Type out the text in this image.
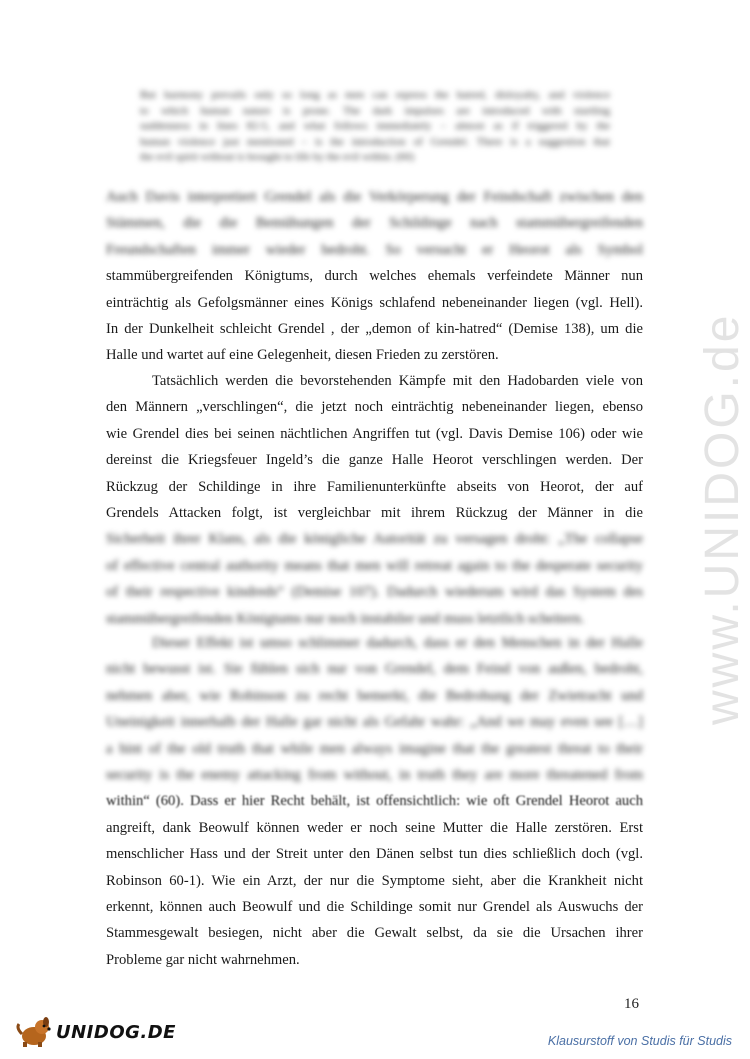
www.UNIDOG.de
But harmony prevails only so long as men can repress the hatred, disloyalty, and violence
to which human nature is prone. The dark impulses are introduced with startling
suddenness in lines 82-5, and what follows immediately – almost as if triggered by the
human violence just mentioned – is the introduction of Grendel. There is a suggestion that
the evil spirit without is brought to life by the evil within. (60)
Auch Davis interpretiert Grendel als die Verkörperung der Feindschaft zwischen den
Stämmen, die die Bemühungen der Schildinge nach stammübergreifenden
Freundschaften immer wieder bedroht. So versucht er Heorot als Symbol
stammübergreifenden Königtums, durch welches ehemals verfeindete Männer nun
einträchtig als Gefolgsmänner eines Königs schlafend nebeneinander liegen (vgl. Hell).
In der Dunkelheit schleicht Grendel , der „demon of kin-hatred“ (Demise 138), um die
Halle und wartet auf eine Gelegenheit, diesen Frieden zu zerstören.
Tatsächlich werden die bevorstehenden Kämpfe mit den Hadobarden viele von
den Männern „verschlingen“, die jetzt noch einträchtig nebeneinander liegen, ebenso
wie Grendel dies bei seinen nächtlichen Angriffen tut (vgl. Davis Demise 106) oder wie
dereinst die Kriegsfeuer Ingeld’s die ganze Halle Heorot verschlingen werden. Der
Rückzug der Schildinge in ihre Familienunterkünfte abseits von Heorot, der auf
Grendels Attacken folgt, ist vergleichbar mit ihrem Rückzug der Männer in die
Sicherheit ihrer Klans, als die königliche Autorität zu versagen droht: „The collapse
of effective central authority means that men will retreat again to the desperate security
of their respective kindreds“ (Demise 107). Dadurch wiederum wird das System des
stammübergreifenden Königtums nur noch instabiler und muss letztlich scheitern.
Dieser Effekt ist umso schlimmer dadurch, dass er den Menschen in der Halle
nicht bewusst ist. Sie fühlen sich nur von Grendel, dem Feind von außen, bedroht,
nehmen aber, wie Robinson zu recht bemerkt, die Bedrohung der Zwietracht und
Uneinigkeit innerhalb der Halle gar nicht als Gefahr wahr: „And we may even see […]
a hint of the old truth that while men always imagine that the greatest threat to their
security is the enemy attacking from without, in truth they are more threatened from
within“ (60). Dass er hier Recht behält, ist offensichtlich: wie oft Grendel Heorot auch
angreift, dank Beowulf können weder er noch seine Mutter die Halle zerstören. Erst
menschlicher Hass und der Streit unter den Dänen selbst tun dies schließlich doch (vgl.
Robinson 60-1). Wie ein Arzt, der nur die Symptome sieht, aber die Krankheit nicht
erkennt, können auch Beowulf und die Schildinge somit nur Grendel als Auswuchs der
Stammesgewalt besiegen, nicht aber die Gewalt selbst, da sie die Ursachen ihrer
Probleme gar nicht wahrnehmen.
16
UNIDOG.DE	Klausurstoff von Studis für Studis
